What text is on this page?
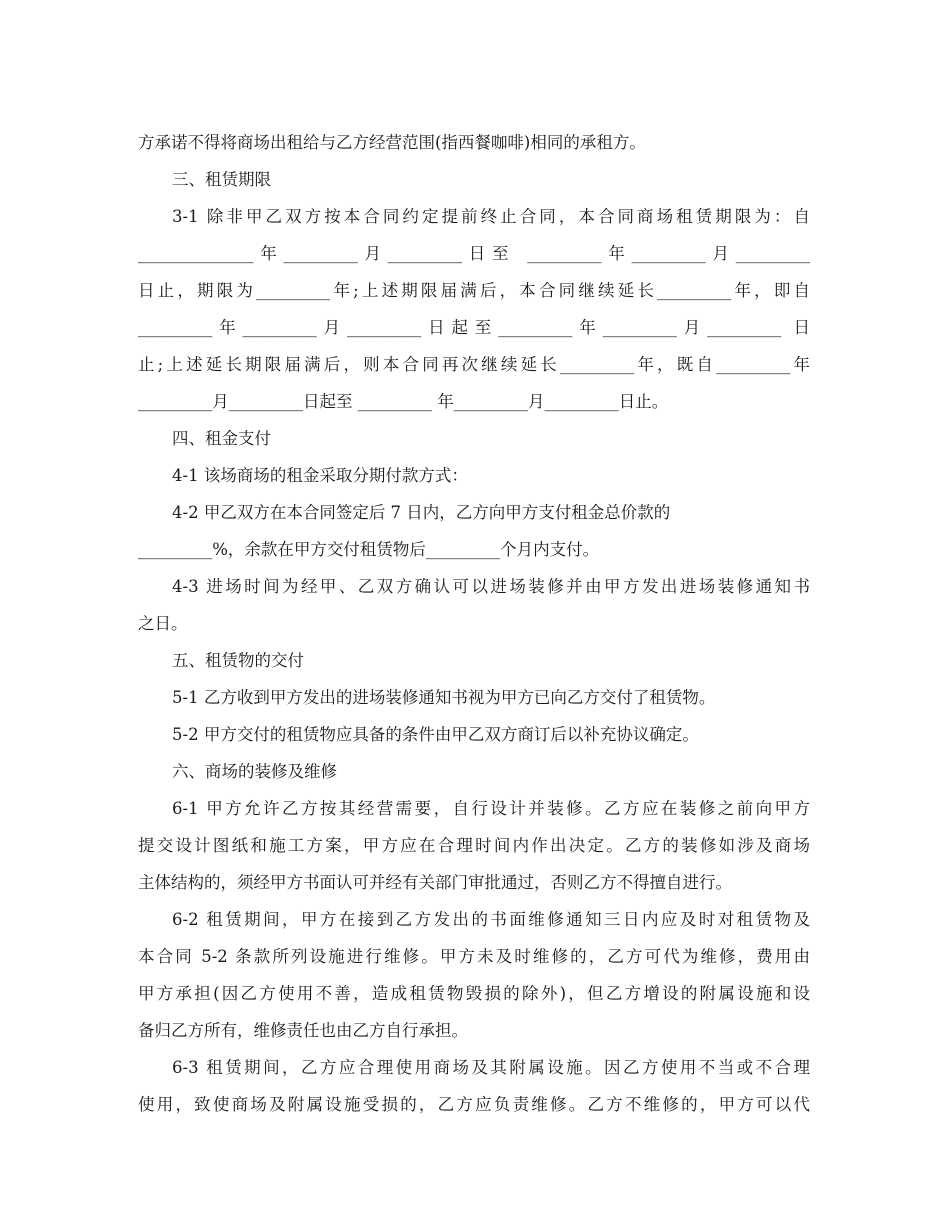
方承诺不得将商场出租给与乙方经营范围(指西餐咖啡)相同的承租方。
三、租赁期限
3-1 除非甲乙双方按本合同约定提前终止合同，本合同商场租赁期限为：自
______________年_________月_________日至 _________年_________月_________
日止，期限为_________年;上述期限届满后，本合同继续延长_________年，即自
_________年_________月_________日起至_________年_________月_________ 日
止;上述延长期限届满后，则本合同再次继续延长_________年，既自_________年
_________月_________日起至 _________ 年_________月_________日止。
四、租金支付
4-1 该场商场的租金采取分期付款方式：
4-2 甲乙双方在本合同签定后 7 日内，乙方向甲方支付租金总价款的
_________%，余款在甲方交付租赁物后_________个月内支付。
4-3 进场时间为经甲、乙双方确认可以进场装修并由甲方发出进场装修通知书
之日。
五、租赁物的交付
5-1 乙方收到甲方发出的进场装修通知书视为甲方已向乙方交付了租赁物。
5-2 甲方交付的租赁物应具备的条件由甲乙双方商订后以补充协议确定。
六、商场的装修及维修
6-1 甲方允许乙方按其经营需要，自行设计并装修。乙方应在装修之前向甲方
提交设计图纸和施工方案，甲方应在合理时间内作出决定。乙方的装修如涉及商场
主体结构的，须经甲方书面认可并经有关部门审批通过，否则乙方不得擅自进行。
6-2 租赁期间，甲方在接到乙方发出的书面维修通知三日内应及时对租赁物及
本合同 5-2 条款所列设施进行维修。甲方未及时维修的，乙方可代为维修，费用由
甲方承担(因乙方使用不善，造成租赁物毁损的除外)，但乙方增设的附属设施和设
备归乙方所有，维修责任也由乙方自行承担。
6-3 租赁期间，乙方应合理使用商场及其附属设施。因乙方使用不当或不合理
使用，致使商场及附属设施受损的，乙方应负责维修。乙方不维修的，甲方可以代
